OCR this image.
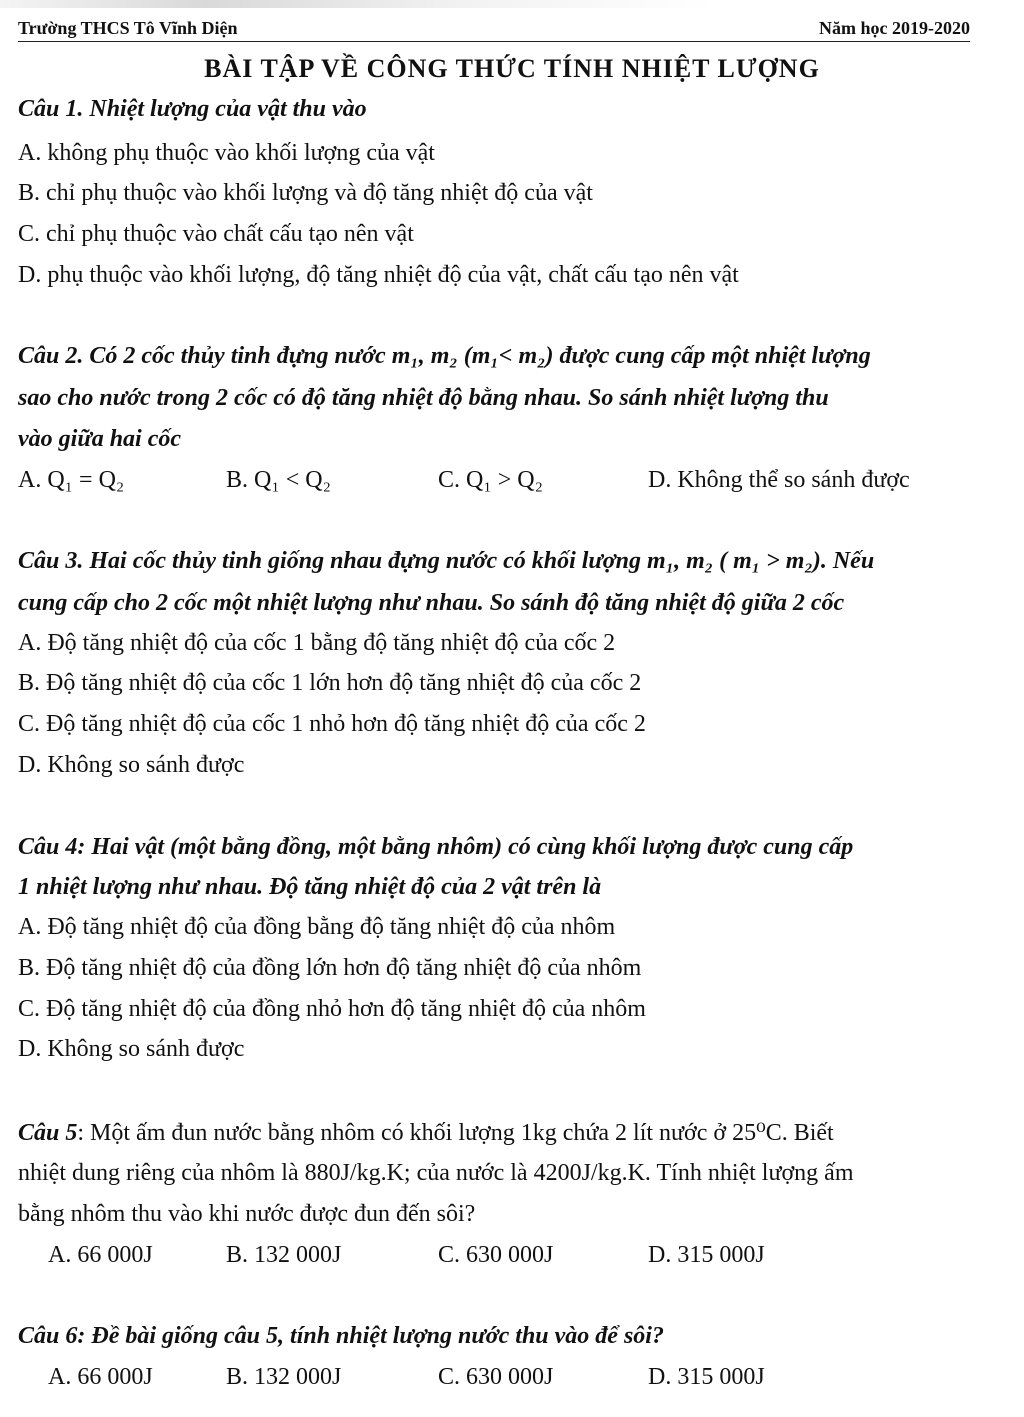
Trường THCS Tô Vĩnh Diện	Năm học 2019-2020
BÀI TẬP VỀ CÔNG THỨC TÍNH NHIỆT LƯỢNG
Câu 1. Nhiệt lượng của vật thu vào
A. không phụ thuộc vào khối lượng của vật
B. chỉ phụ thuộc vào khối lượng và độ tăng nhiệt độ của vật
C. chỉ phụ thuộc vào chất cấu tạo nên vật
D. phụ thuộc vào khối lượng, độ tăng nhiệt độ của vật, chất cấu tạo nên vật
Câu 2. Có 2 cốc thủy tinh đựng nước m₁, m₂ (m₁< m₂) được cung cấp một nhiệt lượng
sao cho nước trong 2 cốc có độ tăng nhiệt độ bằng nhau. So sánh nhiệt lượng thu
vào giữa hai cốc
A. Q₁ = Q₂	B. Q₁ < Q₂	C. Q₁ > Q₂	D. Không thể so sánh được
Câu 3. Hai cốc thủy tinh giống nhau đựng nước có khối lượng m₁, m₂ ( m₁ > m₂). Nếu
cung cấp cho 2 cốc một nhiệt lượng như nhau. So sánh độ tăng nhiệt độ giữa 2 cốc
A. Độ tăng nhiệt độ của cốc 1 bằng độ tăng nhiệt độ của cốc 2
B. Độ tăng nhiệt độ của cốc 1 lớn hơn độ tăng nhiệt độ của cốc 2
C. Độ tăng nhiệt độ của cốc 1 nhỏ hơn độ tăng nhiệt độ của cốc 2
D. Không so sánh được
Câu 4: Hai vật (một bằng đồng, một bằng nhôm) có cùng khối lượng được cung cấp
1 nhiệt lượng như nhau. Độ tăng nhiệt độ của 2 vật trên là
A. Độ tăng nhiệt độ của đồng bằng độ tăng nhiệt độ của nhôm
B. Độ tăng nhiệt độ của đồng lớn hơn độ tăng nhiệt độ của nhôm
C. Độ tăng nhiệt độ của đồng nhỏ hơn độ tăng nhiệt độ của nhôm
D. Không so sánh được
Câu 5: Một ấm đun nước bằng nhôm có khối lượng 1kg chứa 2 lít nước ở 25⁰C. Biết
nhiệt dung riêng của nhôm là 880J/kg.K; của nước là 4200J/kg.K. Tính nhiệt lượng ấm
bằng nhôm thu vào khi nước được đun đến sôi?
A. 66 000J	B. 132 000J	C. 630 000J	D. 315 000J
Câu 6: Đề bài giống câu 5, tính nhiệt lượng nước thu vào để sôi?
A. 66 000J	B. 132 000J	C. 630 000J	D. 315 000J
